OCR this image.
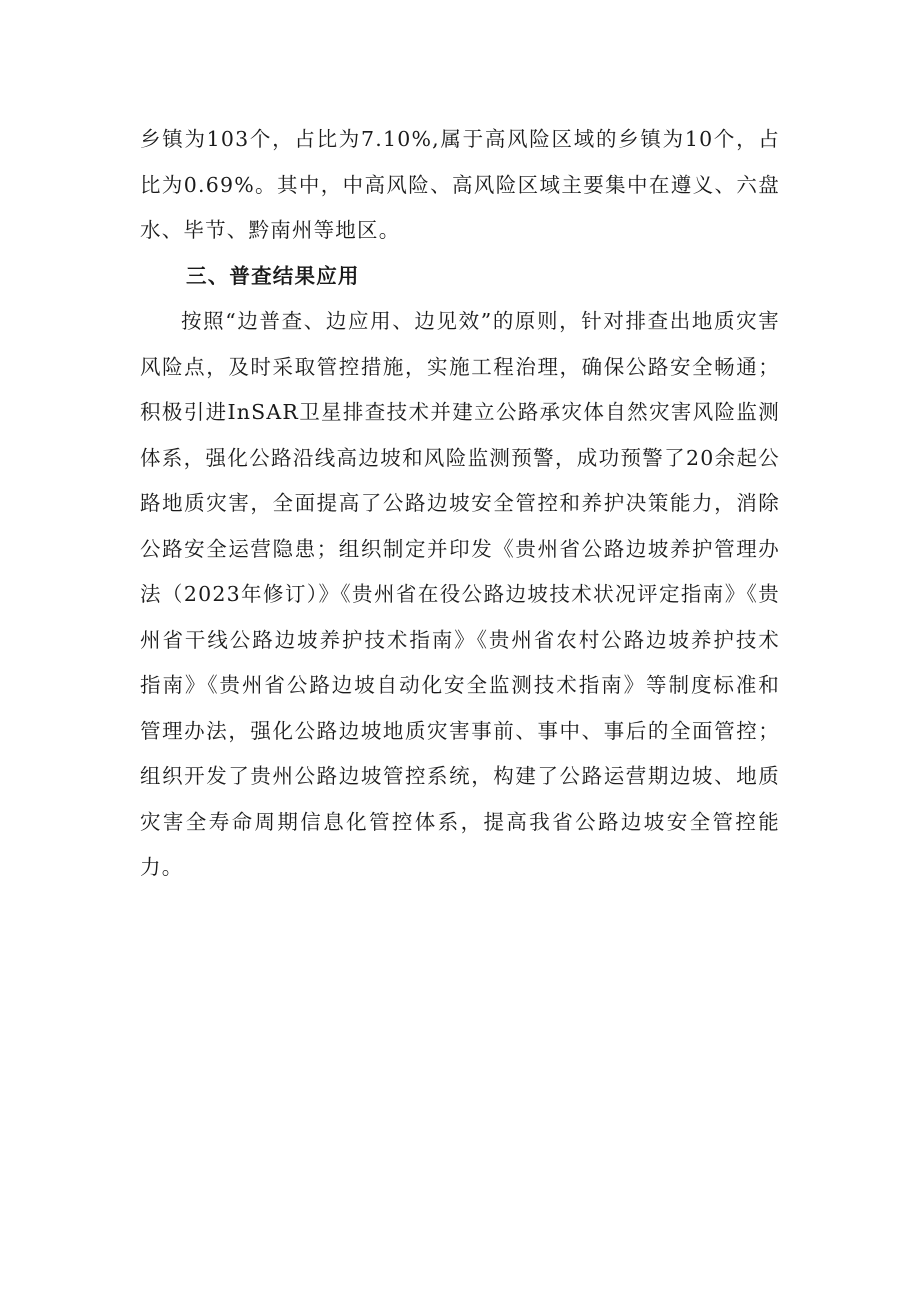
乡镇为103个，占比为7.10%,属于高风险区域的乡镇为10个，占比为0.69%。其中，中高风险、高风险区域主要集中在遵义、六盘水、毕节、黔南州等地区。

三、普查结果应用

按照“边普查、边应用、边见效”的原则，针对排查出地质灾害风险点，及时采取管控措施，实施工程治理，确保公路安全畅通；积极引进InSAR卫星排查技术并建立公路承灾体自然灾害风险监测体系，强化公路沿线高边坡和风险监测预警，成功预警了20余起公路地质灾害，全面提高了公路边坡安全管控和养护决策能力，消除公路安全运营隐患；组织制定并印发《贵州省公路边坡养护管理办法（2023年修订）》《贵州省在役公路边坡技术状况评定指南》《贵州省干线公路边坡养护技术指南》《贵州省农村公路边坡养护技术指南》《贵州省公路边坡自动化安全监测技术指南》等制度标准和管理办法，强化公路边坡地质灾害事前、事中、事后的全面管控；组织开发了贵州公路边坡管控系统，构建了公路运营期边坡、地质灾害全寿命周期信息化管控体系，提高我省公路边坡安全管控能力。
